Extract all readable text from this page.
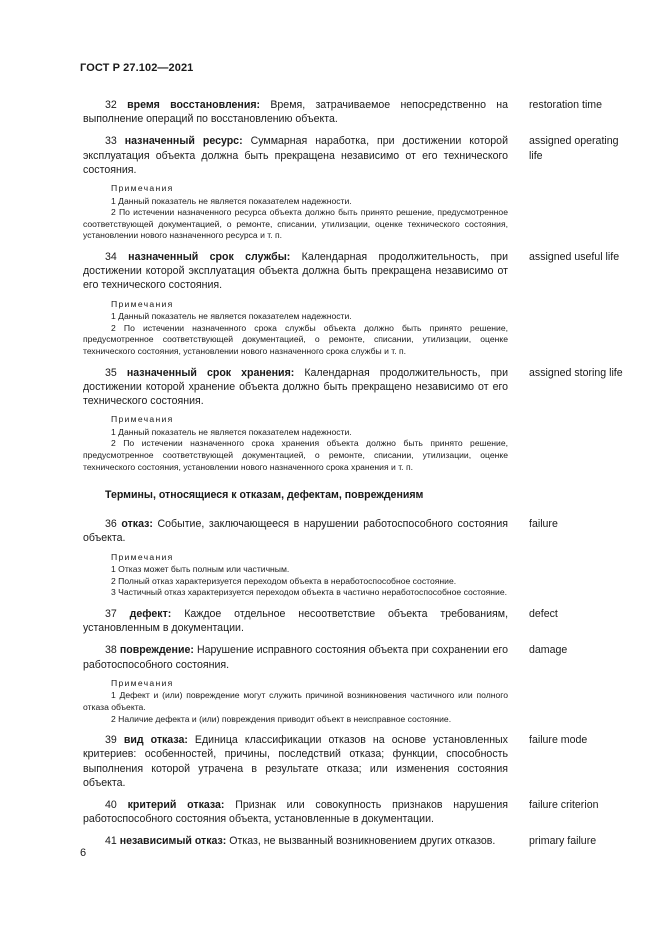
ГОСТ Р 27.102—2021

32 время восстановления: Время, затрачиваемое непосредственно на выполнение операций по восстановлению объекта.

restoration time

33 назначенный ресурс: Суммарная наработка, при достижении которой эксплуатация объекта должна быть прекращена независимо от его технического состояния.

Примечания

1 Данный показатель не является показателем надежности.

2 По истечении назначенного ресурса объекта должно быть принято решение, предусмотренное соответствующей документацией, о ремонте, списании, утилизации, оценке технического состояния, установлении нового назначенного ресурса и т. п.

assigned operating life

34 назначенный срок службы: Календарная продолжительность, при достижении которой эксплуатация объекта должна быть прекращена независимо от его технического состояния.

Примечания

1 Данный показатель не является показателем надежности.

2 По истечении назначенного срока службы объекта должно быть принято решение, предусмотренное соответствующей документацией, о ремонте, списании, утилизации, оценке технического состояния, установлении нового назначенного срока службы и т. п.

assigned useful life

35 назначенный срок хранения: Календарная продолжительность, при достижении которой хранение объекта должно быть прекращено независимо от его технического состояния.

Примечания

1 Данный показатель не является показателем надежности.

2 По истечении назначенного срока хранения объекта должно быть принято решение, предусмотренное соответствующей документацией, о ремонте, списании, утилизации, оценке технического состояния, установлении нового назначенного срока хранения и т. п.

assigned storing life
Термины, относящиеся к отказам, дефектам, повреждениям

36 отказ: Событие, заключающееся в нарушении работоспособного состояния объекта.

Примечания

1 Отказ может быть полным или частичным.

2 Полный отказ характеризуется переходом объекта в неработоспособное состояние.

3 Частичный отказ характеризуется переходом объекта в частично неработоспособное состояние.

failure

37 дефект: Каждое отдельное несоответствие объекта требованиям, установленным в документации.

defect

38 повреждение: Нарушение исправного состояния объекта при сохранении его работоспособного состояния.

Примечания

1 Дефект и (или) повреждение могут служить причиной возникновения частичного или полного отказа объекта.

2 Наличие дефекта и (или) повреждения приводит объект в неисправное состояние.

damage

39 вид отказа: Единица классификации отказов на основе установленных критериев: особенностей, причины, последствий отказа; функции, способность выполнения которой утрачена в результате отказа; или изменения состояния объекта.

failure mode

40 критерий отказа: Признак или совокупность признаков нарушения работоспособного состояния объекта, установленные в документации.

failure criterion

41 независимый отказ: Отказ, не вызванный возникновением других отказов.	primary failure
6
